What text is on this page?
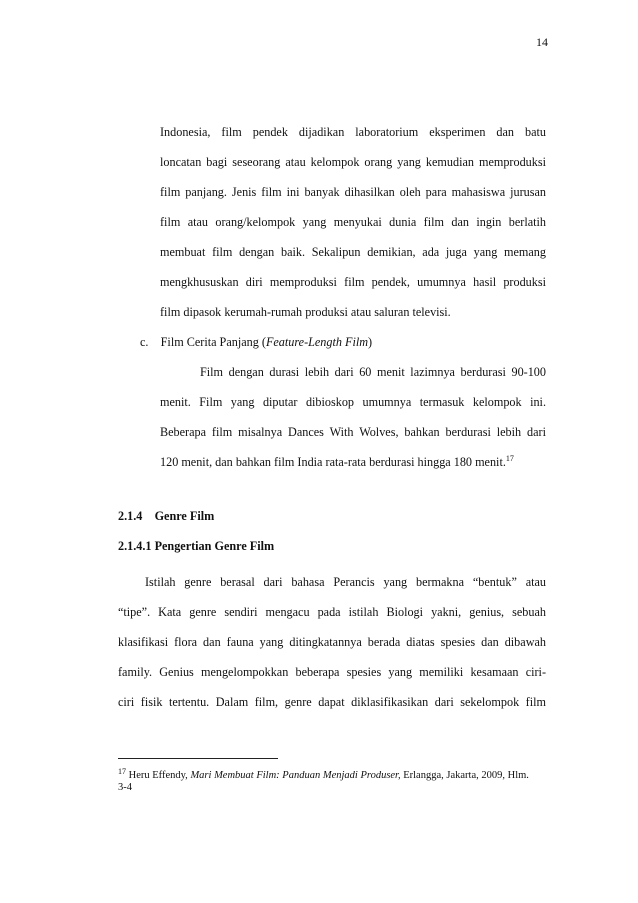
14
Indonesia, film pendek dijadikan laboratorium eksperimen dan batu
loncatan bagi seseorang atau kelompok orang yang kemudian memproduksi
film panjang. Jenis film ini banyak dihasilkan oleh para mahasiswa jurusan
film atau orang/kelompok yang menyukai dunia film dan ingin berlatih
membuat film dengan baik. Sekalipun demikian, ada juga yang memang
mengkhususkan diri memproduksi film pendek, umumnya hasil produksi
film dipasok kerumah-rumah produksi atau saluran televisi.
c. Film Cerita Panjang (Feature-Length Film)
Film dengan durasi lebih dari 60 menit lazimnya berdurasi 90-100
menit. Film yang diputar dibioskop umumnya termasuk kelompok ini.
Beberapa film misalnya Dances With Wolves, bahkan berdurasi lebih dari
120 menit, dan bahkan film India rata-rata berdurasi hingga 180 menit.$^{17}$
2.1.4 Genre Film
2.1.4.1 Pengertian Genre Film
Istilah genre berasal dari bahasa Perancis yang bermakna “bentuk” atau
“tipe”. Kata genre sendiri mengacu pada istilah Biologi yakni, genius, sebuah
klasifikasi flora dan fauna yang ditingkatannya berada diatas spesies dan dibawah
family. Genius mengelompokkan beberapa spesies yang memiliki kesamaan ciri-
ciri fisik tertentu. Dalam film, genre dapat diklasifikasikan dari sekelompok film
$^{17}$ Heru Effendy, Mari Membuat Film: Panduan Menjadi Produser, Erlangga, Jakarta, 2009, Hlm.
3-4
